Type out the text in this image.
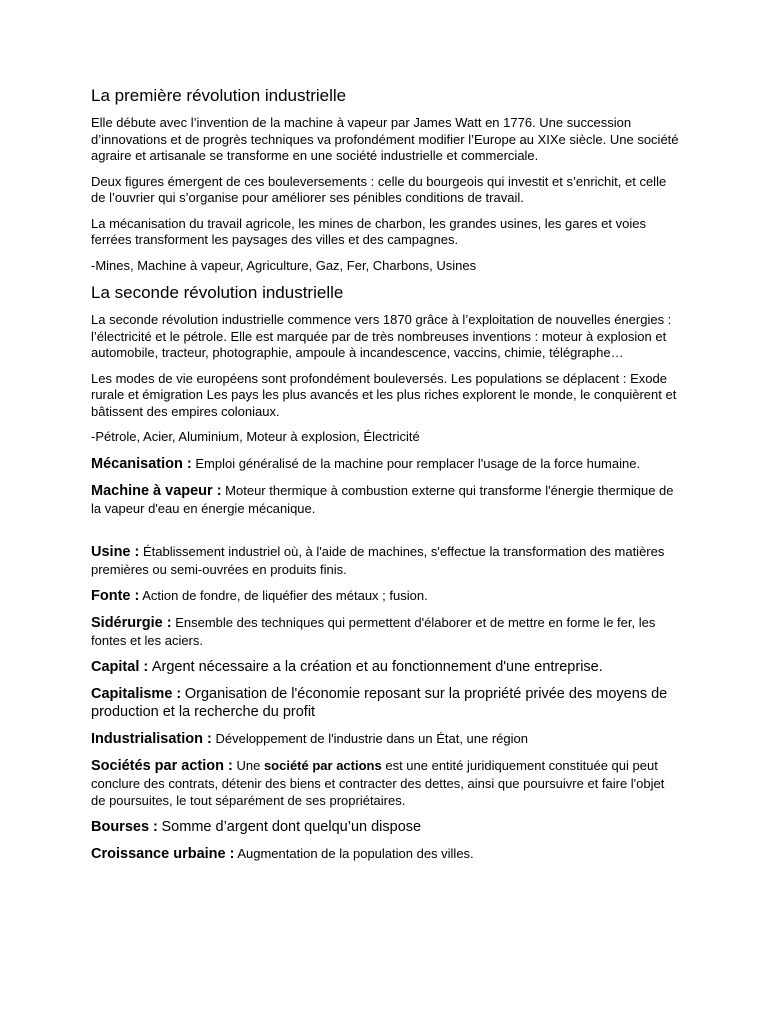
La première révolution industrielle

Elle débute avec l’invention de la machine à vapeur par James Watt en 1776. Une succession d’innovations et de progrès techniques va profondément modifier l’Europe au XIXe siècle. Une société agraire et artisanale se transforme en une société industrielle et commerciale.

Deux figures émergent de ces bouleversements : celle du bourgeois qui investit et s’enrichit, et celle de l’ouvrier qui s’organise pour améliorer ses pénibles conditions de travail.

La mécanisation du travail agricole, les mines de charbon, les grandes usines, les gares et voies ferrées transforment les paysages des villes et des campagnes.

-Mines, Machine à vapeur, Agriculture, Gaz, Fer, Charbons, Usines

La seconde révolution industrielle

La seconde révolution industrielle commence vers 1870 grâce à l’exploitation de nouvelles énergies : l’électricité et le pétrole. Elle est marquée par de très nombreuses inventions : moteur à explosion et automobile, tracteur, photographie, ampoule à incandescence, vaccins, chimie, télégraphe…

Les modes de vie européens sont profondément bouleversés. Les populations se déplacent : Exode rurale et émigration Les pays les plus avancés et les plus riches explorent le monde, le conquièrent et bâtissent des empires coloniaux.

-Pétrole, Acier, Aluminium, Moteur à explosion, Électricité

Mécanisation : Emploi généralisé de la machine pour remplacer l'usage de la force humaine.
Machine à vapeur : Moteur thermique à combustion externe qui transforme l'énergie thermique de la vapeur d'eau en énergie mécanique.
Usine : Établissement industriel où, à l'aide de machines, s'effectue la transformation des matières premières ou semi-ouvrées en produits finis.
Fonte : Action de fondre, de liquéfier des métaux ; fusion.
Sidérurgie : Ensemble des techniques qui permettent d'élaborer et de mettre en forme le fer, les fontes et les aciers.
Capital : Argent nécessaire a la création et au fonctionnement d'une entreprise.
Capitalisme : Organisation de l'économie reposant sur la propriété privée des moyens de production et la recherche du profit
Industrialisation : Développement de l'industrie dans un État, une région
Sociétés par action : Une société par actions est une entité juridiquement constituée qui peut conclure des contrats, détenir des biens et contracter des dettes, ainsi que poursuivre et faire l'objet de poursuites, le tout séparément de ses propriétaires.
Bourses : Somme d’argent dont quelqu’un dispose
Croissance urbaine : Augmentation de la population des villes.
